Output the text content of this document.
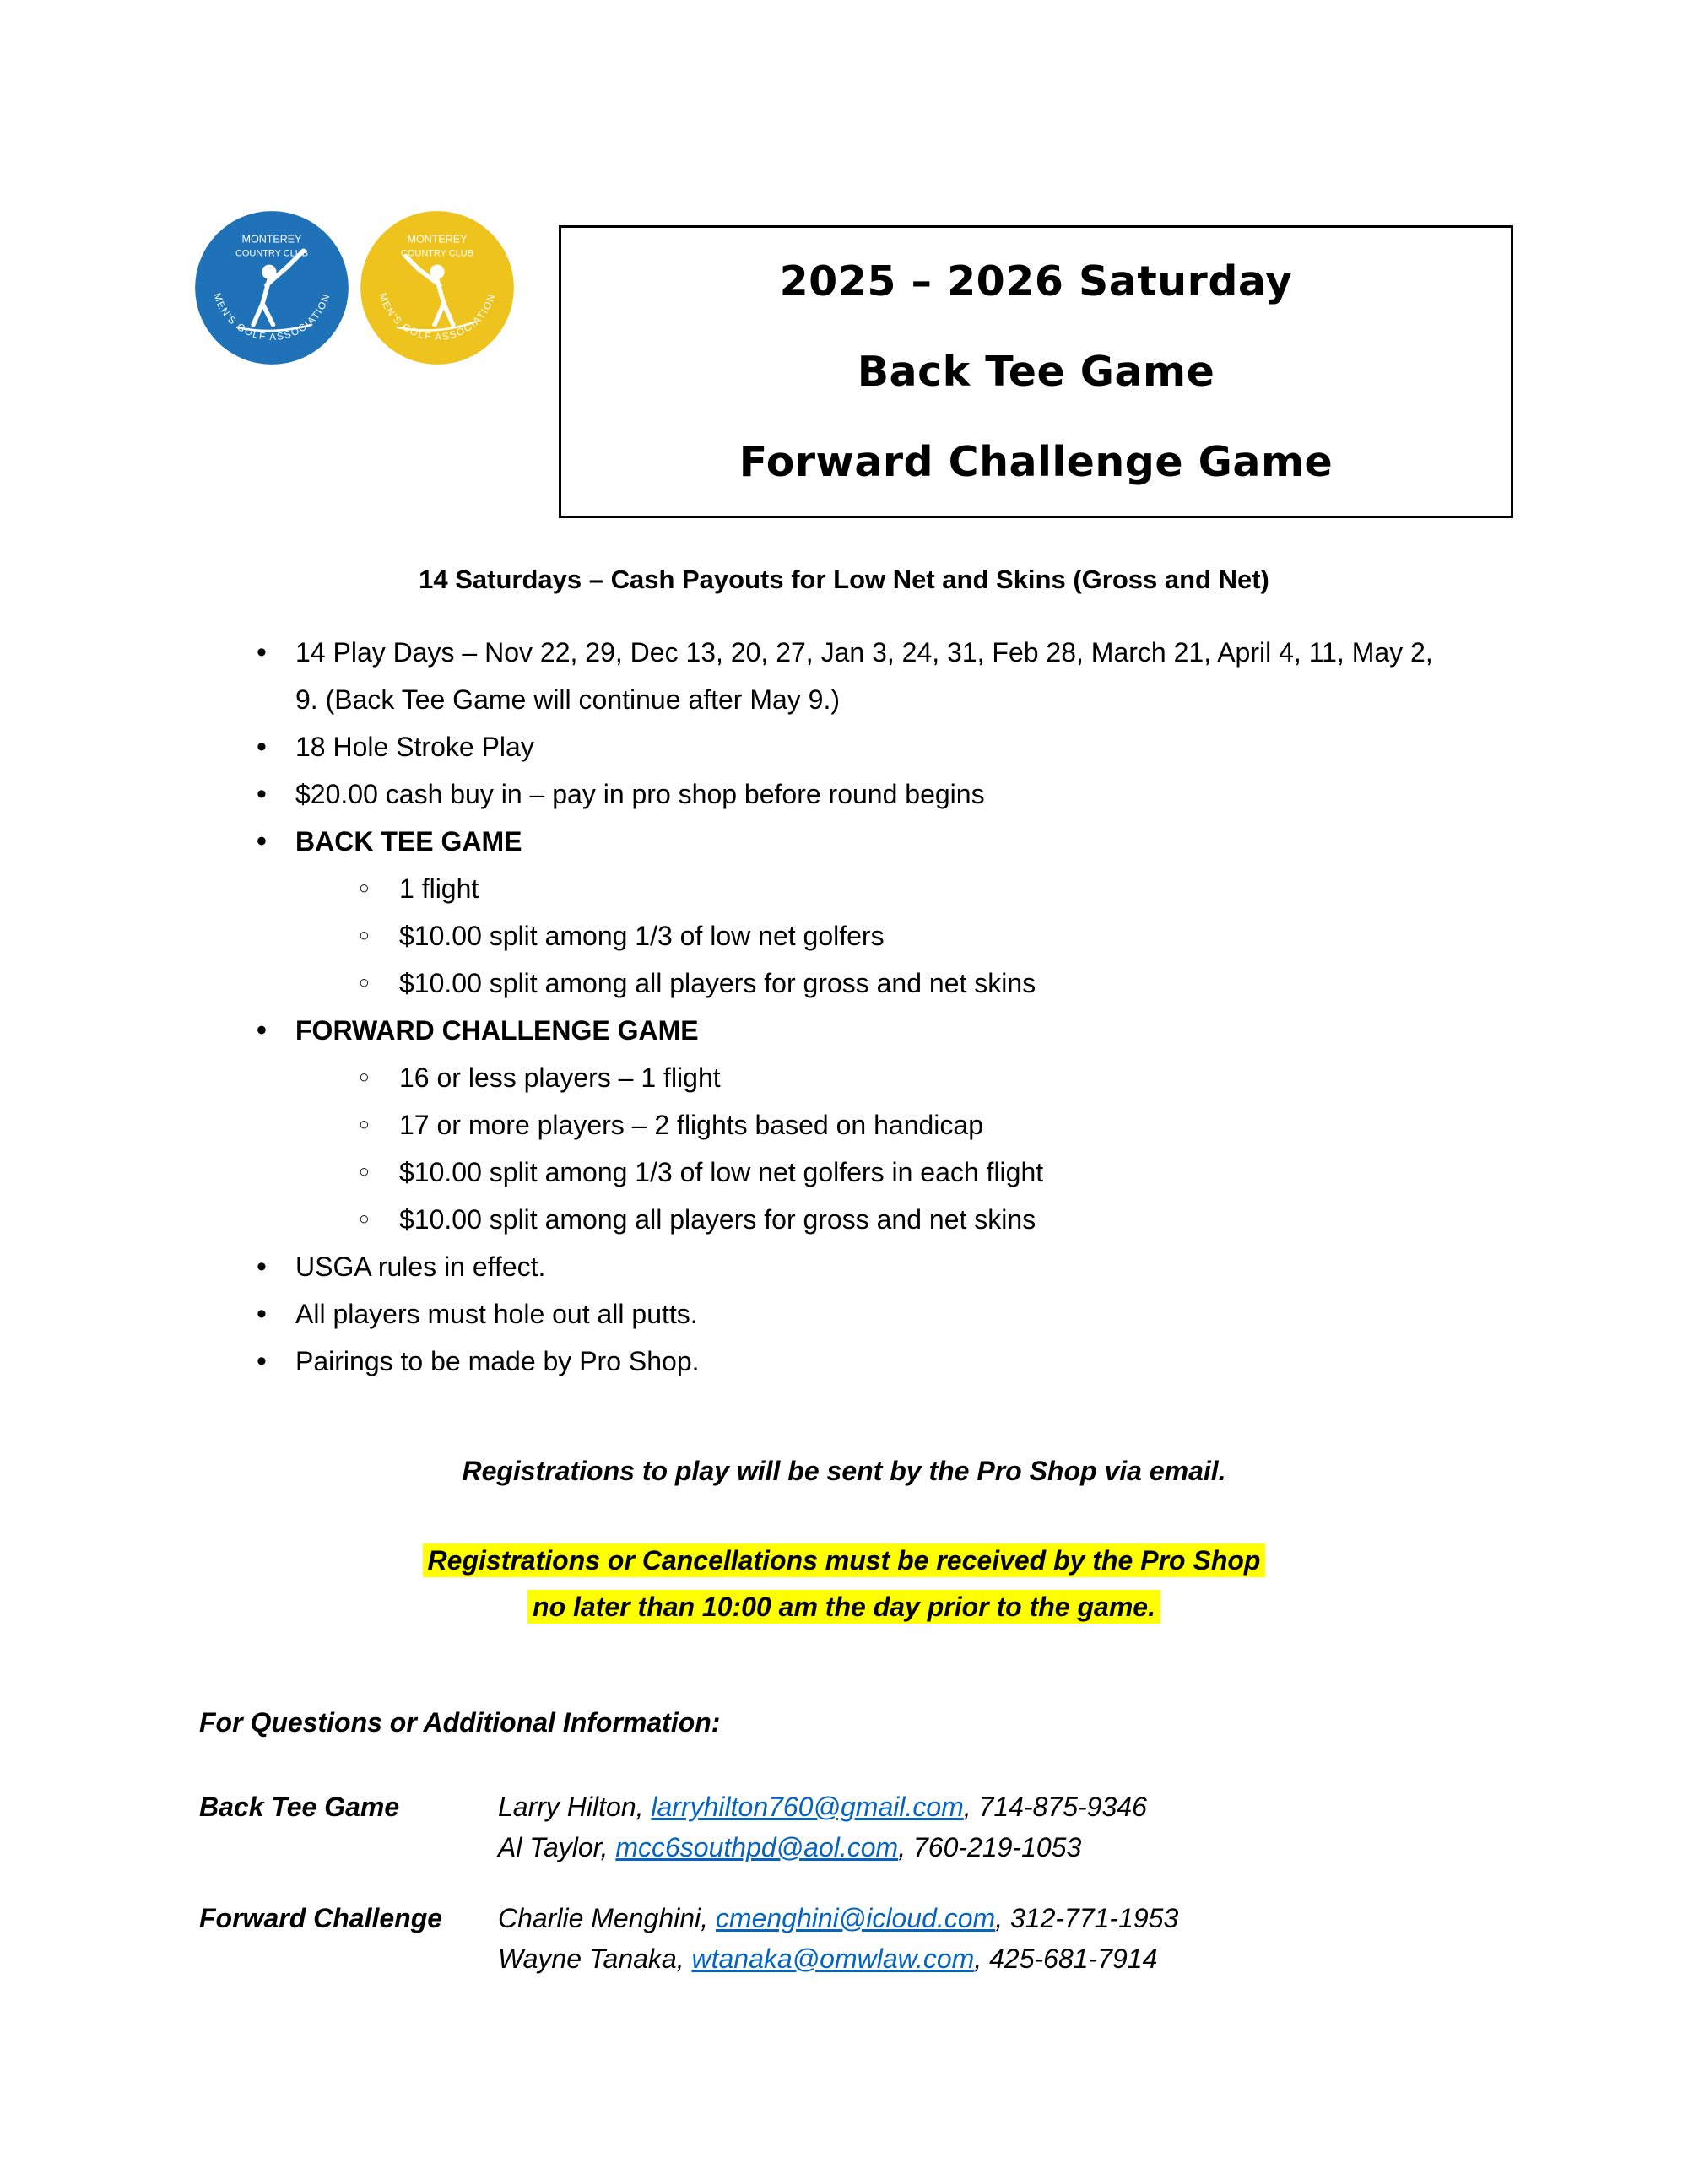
MONTEREY
COUNTRY CLUB
MEN'S GOLF ASSOCIATION
MONTEREY
COUNTRY CLUB
MEN'S GOLF ASSOCIATION	2025 – 2026 Saturday
Back Tee Game
Forward Challenge Game
14 Saturdays – Cash Payouts for Low Net and Skins (Gross and Net)
• 14 Play Days – Nov 22, 29, Dec 13, 20, 27, Jan 3, 24, 31, Feb 28, March 21, April 4, 11, May 2, 9. (Back Tee Game will continue after May 9.)
• 18 Hole Stroke Play
• $20.00 cash buy in – pay in pro shop before round begins
• BACK TEE GAME
○ 1 flight
○ $10.00 split among 1/3 of low net golfers
○ $10.00 split among all players for gross and net skins
• FORWARD CHALLENGE GAME
○ 16 or less players – 1 flight
○ 17 or more players – 2 flights based on handicap
○ $10.00 split among 1/3 of low net golfers in each flight
○ $10.00 split among all players for gross and net skins
• USGA rules in effect.
• All players must hole out all putts.
• Pairings to be made by Pro Shop.
Registrations to play will be sent by the Pro Shop via email.
Registrations or Cancellations must be received by the Pro Shop
no later than 10:00 am the day prior to the game.
For Questions or Additional Information:
Back Tee Game	Larry Hilton, larryhilton760@gmail.com, 714-875-9346
Al Taylor, mcc6southpd@aol.com, 760-219-1053
Forward Challenge	Charlie Menghini, cmenghini@icloud.com, 312-771-1953
Wayne Tanaka, wtanaka@omwlaw.com, 425-681-7914
